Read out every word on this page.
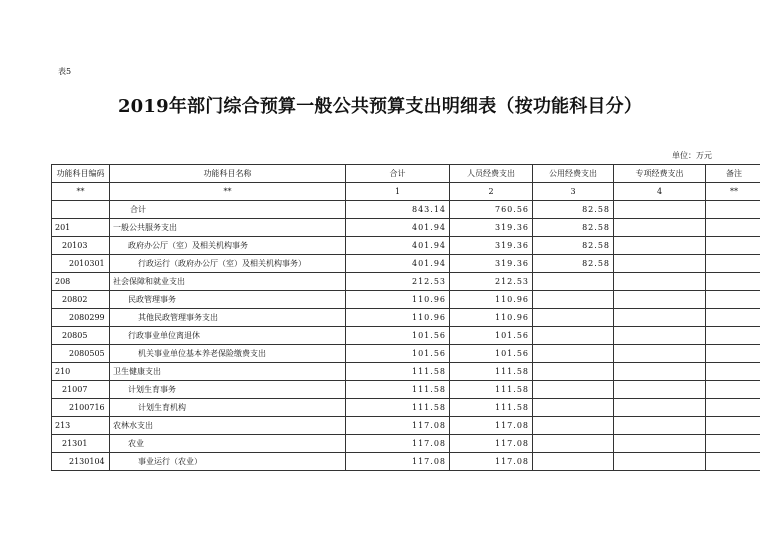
表5
2019年部门综合预算一般公共预算支出明细表（按功能科目分）
单位：万元
功能科目编码	功能科目名称	合计	人员经费支出	公用经费支出	专项经费支出	备注
**	**	1	2	3	4	**
	合计	843.14	760.56	82.58		
201	一般公共服务支出	401.94	319.36	82.58		
20103	政府办公厅（室）及相关机构事务	401.94	319.36	82.58		
2010301	行政运行（政府办公厅（室）及相关机构事务）	401.94	319.36	82.58		
208	社会保障和就业支出	212.53	212.53			
20802	民政管理事务	110.96	110.96			
2080299	其他民政管理事务支出	110.96	110.96			
20805	行政事业单位离退休	101.56	101.56			
2080505	机关事业单位基本养老保险缴费支出	101.56	101.56			
210	卫生健康支出	111.58	111.58			
21007	计划生育事务	111.58	111.58			
2100716	计划生育机构	111.58	111.58			
213	农林水支出	117.08	117.08			
21301	农业	117.08	117.08			
2130104	事业运行（农业）	117.08	117.08			
